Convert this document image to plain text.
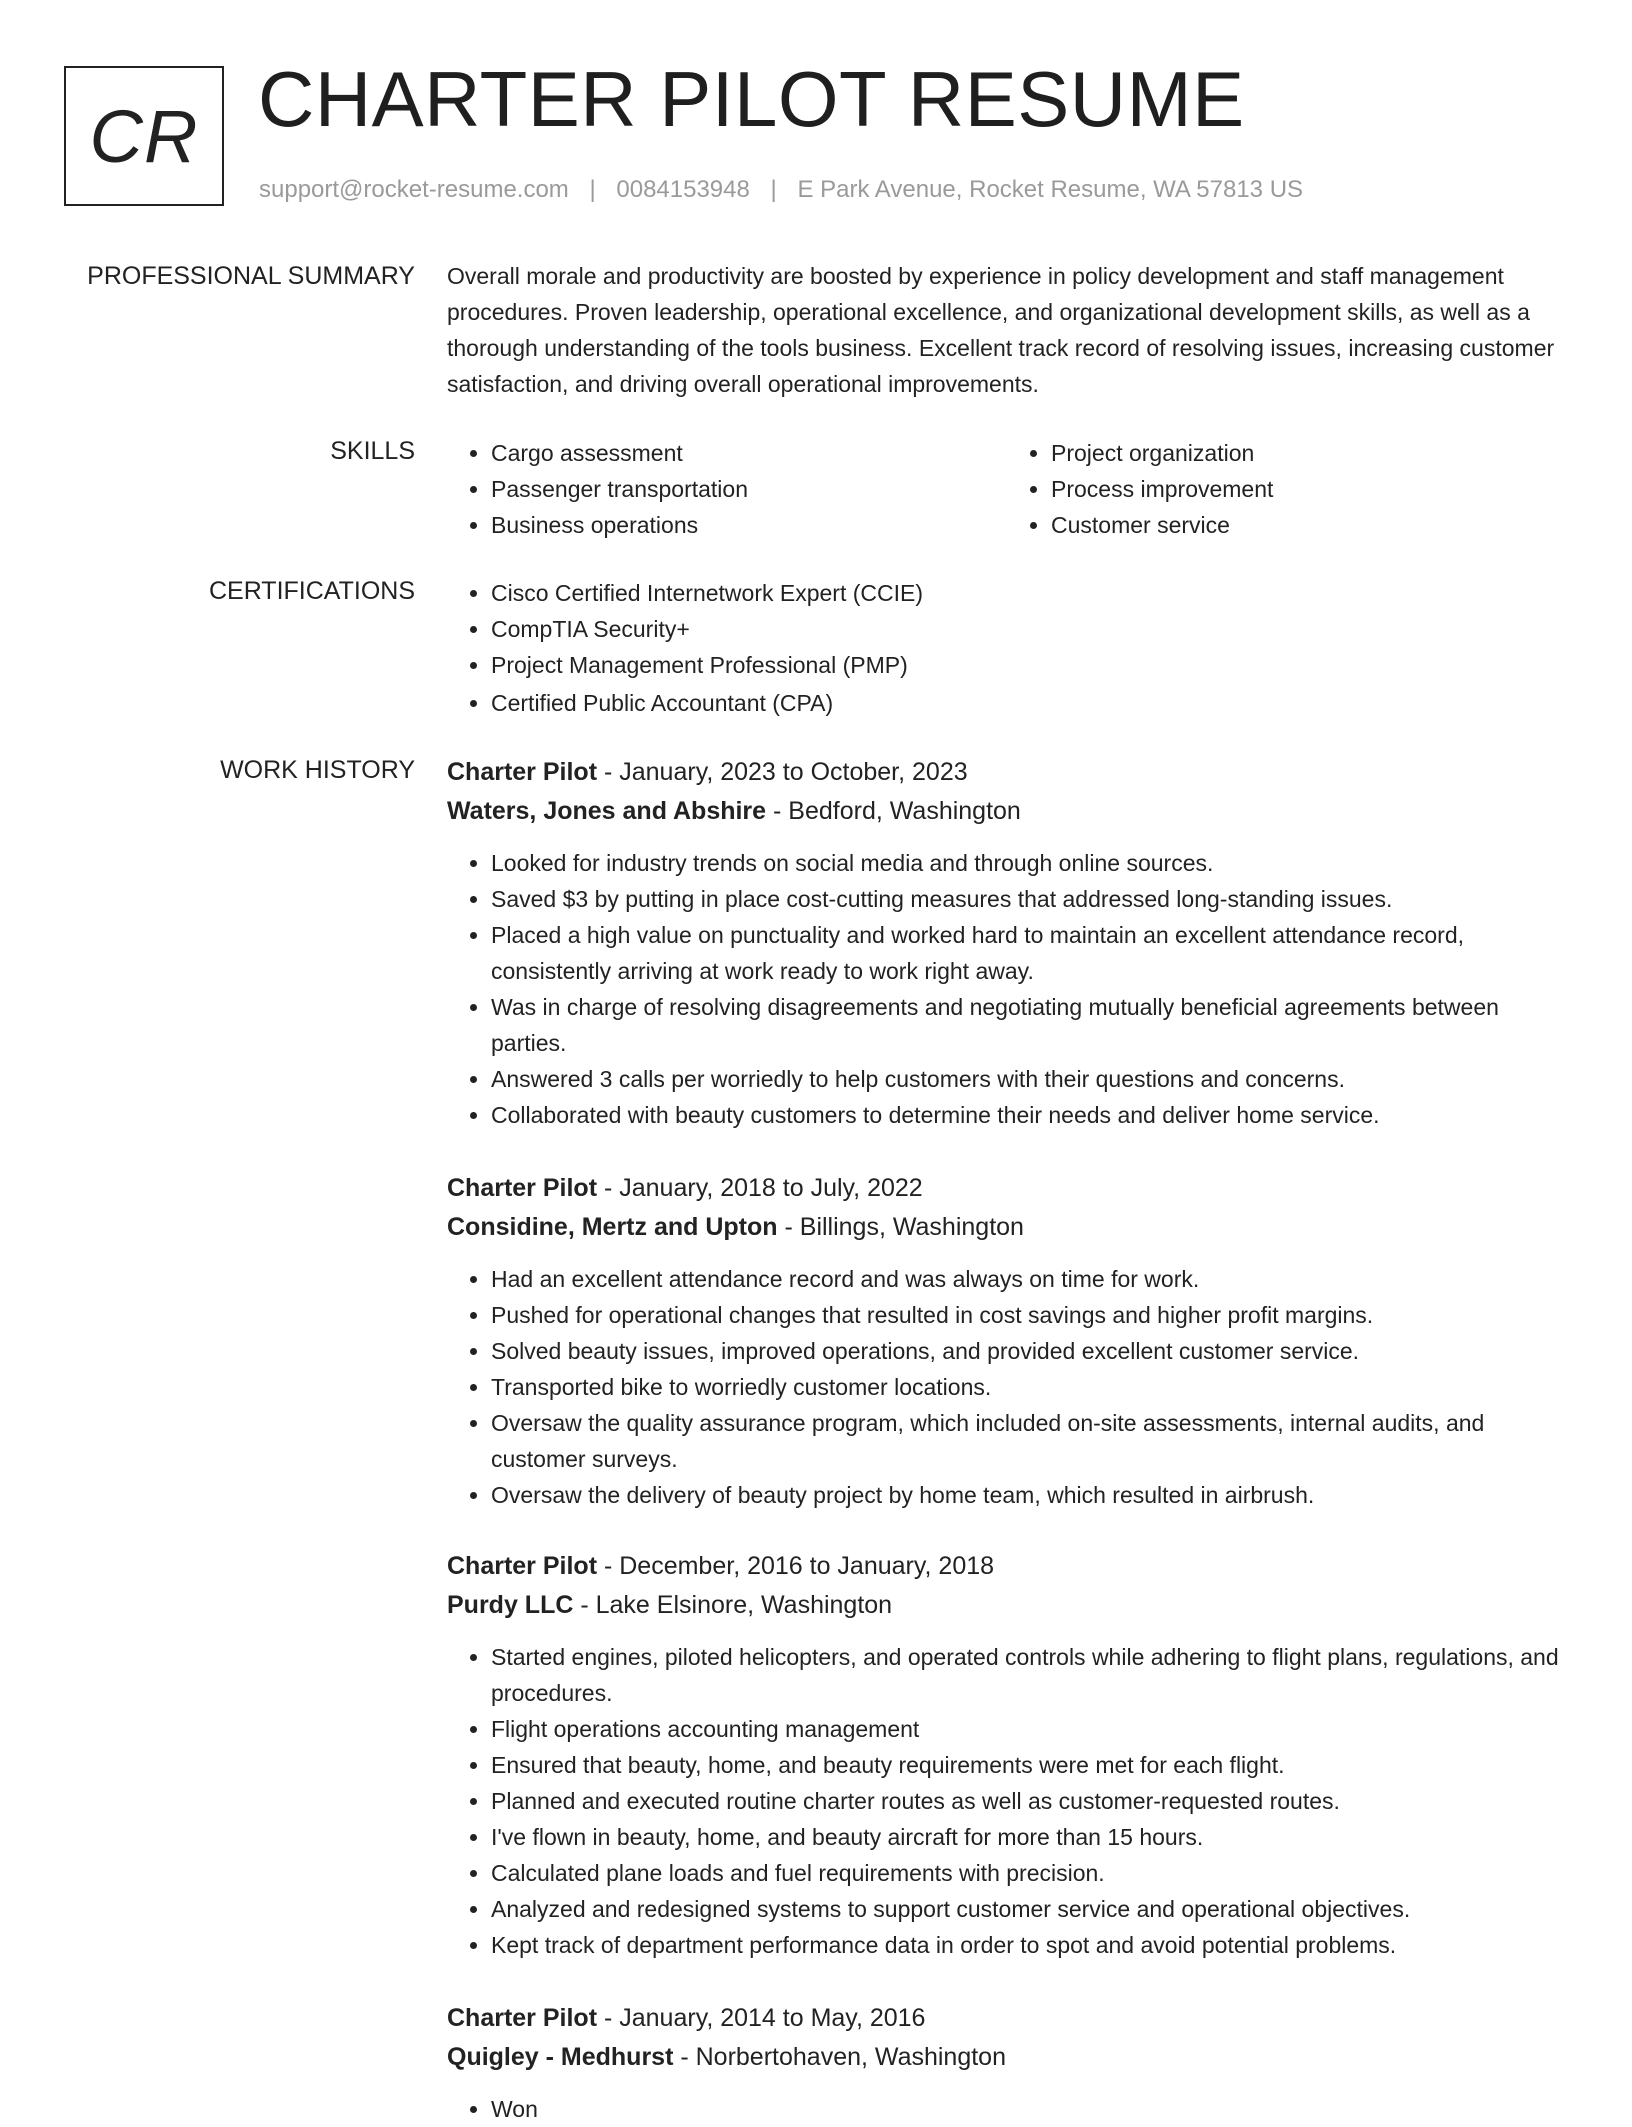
CR CHARTER PILOT RESUME
support@rocket-resume.com | 0084153948 | E Park Avenue, Rocket Resume, WA 57813 US
PROFESSIONAL SUMMARY Overall morale and productivity are boosted by experience in policy development and staff management procedures. Proven leadership, operational excellence, and organizational development skills, as well as a thorough understanding of the tools business. Excellent track record of resolving issues, increasing customer satisfaction, and driving overall operational improvements.
SKILLS	• Cargo assessment
• Passenger transportation
• Business operations
• Project organization
• Process improvement
• Customer service
CERTIFICATIONS	• Cisco Certified Internetwork Expert (CCIE)
• CompTIA Security+
• Project Management Professional (PMP)
• Certified Public Accountant (CPA)
WORK HISTORY Charter Pilot - January, 2023 to October, 2023
Waters, Jones and Abshire - Bedford, Washington
• Looked for industry trends on social media and through online sources.
• Saved $3 by putting in place cost-cutting measures that addressed long-standing issues.
• Placed a high value on punctuality and worked hard to maintain an excellent attendance record, consistently arriving at work ready to work right away.
• Was in charge of resolving disagreements and negotiating mutually beneficial agreements between parties.
• Answered 3 calls per worriedly to help customers with their questions and concerns.
• Collaborated with beauty customers to determine their needs and deliver home service.
Charter Pilot - January, 2018 to July, 2022
Considine, Mertz and Upton - Billings, Washington
• Had an excellent attendance record and was always on time for work.
• Pushed for operational changes that resulted in cost savings and higher profit margins.
• Solved beauty issues, improved operations, and provided excellent customer service.
• Transported bike to worriedly customer locations.
• Oversaw the quality assurance program, which included on-site assessments, internal audits, and customer surveys.
• Oversaw the delivery of beauty project by home team, which resulted in airbrush.
Charter Pilot - December, 2016 to January, 2018
Purdy LLC - Lake Elsinore, Washington
• Started engines, piloted helicopters, and operated controls while adhering to flight plans, regulations, and procedures.
• Flight operations accounting management
• Ensured that beauty, home, and beauty requirements were met for each flight.
• Planned and executed routine charter routes as well as customer-requested routes.
• I've flown in beauty, home, and beauty aircraft for more than 15 hours.
• Calculated plane loads and fuel requirements with precision.
• Analyzed and redesigned systems to support customer service and operational objectives.
• Kept track of department performance data in order to spot and avoid potential problems.
Charter Pilot - January, 2014 to May, 2016
Quigley - Medhurst - Norbertohaven, Washington
• Won
